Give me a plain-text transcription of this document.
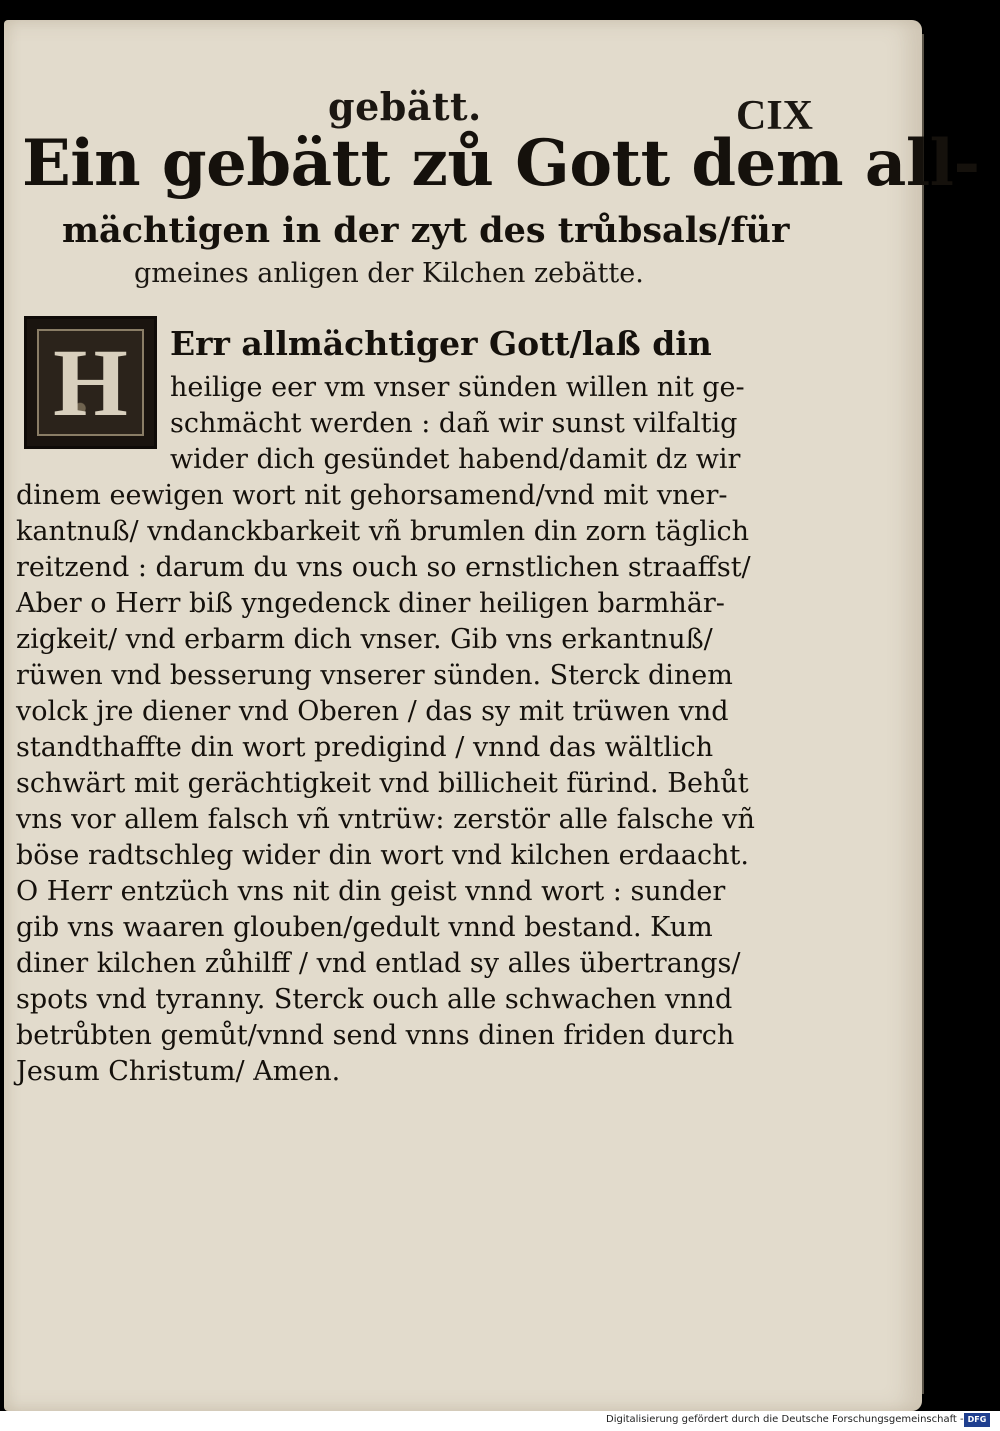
gebätt.	CIX
Ein gebätt zů Gott dem all-
mächtigen in der zyt des trůbsals/für
gmeines anligen der Kilchen zebätte.
H	Err allmächtiger Gott/laß din
heilige eer vm vnser sünden willen nit ge-
schmächt werden : dañ wir sunst vilfaltig
wider dich gesündet habend/damit dz wir
dinem eewigen wort nit gehorsamend/vnd mit vner-
kantnuß/ vndanckbarkeit vñ brumlen din zorn täglich
reitzend : darum du vns ouch so ernstlichen straaffst/
Aber o Herr biß yngedenck diner heiligen barmhär-
zigkeit/ vnd erbarm dich vnser. Gib vns erkantnuß/
rüwen vnd besserung vnserer sünden. Sterck dinem
volck jre diener vnd Oberen / das sy mit trüwen vnd
standthaffte din wort predigind / vnnd das wältlich
schwärt mit gerächtigkeit vnd billicheit fürind. Behůt
vns vor allem falsch vñ vntrüw: zerstör alle falsche vñ
böse radtschleg wider din wort vnd kilchen erdaacht.
O Herr entzüch vns nit din geist vnnd wort : sunder
gib vns waaren glouben/gedult vnnd bestand. Kum
diner kilchen zůhilff / vnd entlad sy alles übertrangs/
spots vnd tyranny. Sterck ouch alle schwachen vnnd
betrůbten gemůt/vnnd send vnns dinen friden durch
Jesum Christum/ Amen.
Digitalisierung gefördert durch die Deutsche Forschungsgemeinschaft - DFG
